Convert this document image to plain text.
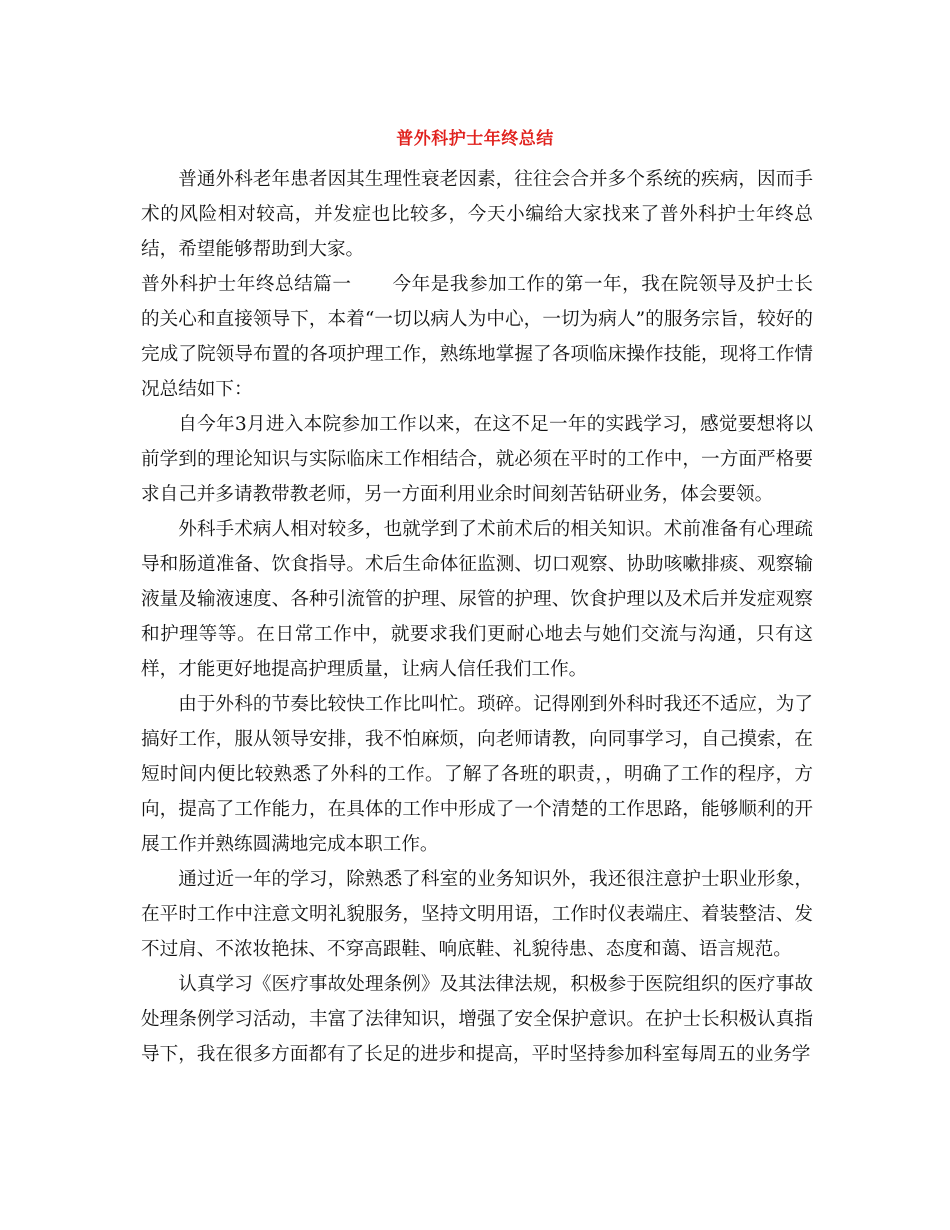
普外科护士年终总结

普通外科老年患者因其生理性衰老因素，往往会合并多个系统的疾病，因而手术的风险相对较高，并发症也比较多，今天小编给大家找来了普外科护士年终总结，希望能够帮助到大家。

普外科护士年终总结篇一 今年是我参加工作的第一年，我在院领导及护士长的关心和直接领导下，本着“一切以病人为中心，一切为病人”的服务宗旨，较好的完成了院领导布置的各项护理工作，熟练地掌握了各项临床操作技能，现将工作情况总结如下：

自今年3月进入本院参加工作以来，在这不足一年的实践学习，感觉要想将以前学到的理论知识与实际临床工作相结合，就必须在平时的工作中，一方面严格要求自己并多请教带教老师，另一方面利用业余时间刻苦钻研业务，体会要领。

外科手术病人相对较多，也就学到了术前术后的相关知识。术前准备有心理疏导和肠道准备、饮食指导。术后生命体征监测、切口观察、协助咳嗽排痰、观察输液量及输液速度、各种引流管的护理、尿管的护理、饮食护理以及术后并发症观察和护理等等。在日常工作中，就要求我们更耐心地去与她们交流与沟通，只有这样，才能更好地提高护理质量，让病人信任我们工作。

由于外科的节奏比较快工作比叫忙。琐碎。记得刚到外科时我还不适应，为了搞好工作，服从领导安排，我不怕麻烦，向老师请教，向同事学习，自己摸索，在短时间内便比较熟悉了外科的工作。了解了各班的职责，，明确了工作的程序，方向，提高了工作能力，在具体的工作中形成了一个清楚的工作思路，能够顺利的开展工作并熟练圆满地完成本职工作。

通过近一年的学习，除熟悉了科室的业务知识外，我还很注意护士职业形象，在平时工作中注意文明礼貌服务，坚持文明用语，工作时仪表端庄、着装整洁、发不过肩、不浓妆艳抹、不穿高跟鞋、响底鞋、礼貌待患、态度和蔼、语言规范。

认真学习《医疗事故处理条例》及其法律法规，积极参于医院组织的医疗事故处理条例学习活动，丰富了法律知识，增强了安全保护意识。在护士长积极认真指导下，我在很多方面都有了长足的进步和提高，平时坚持参加科室每周五的业务学
